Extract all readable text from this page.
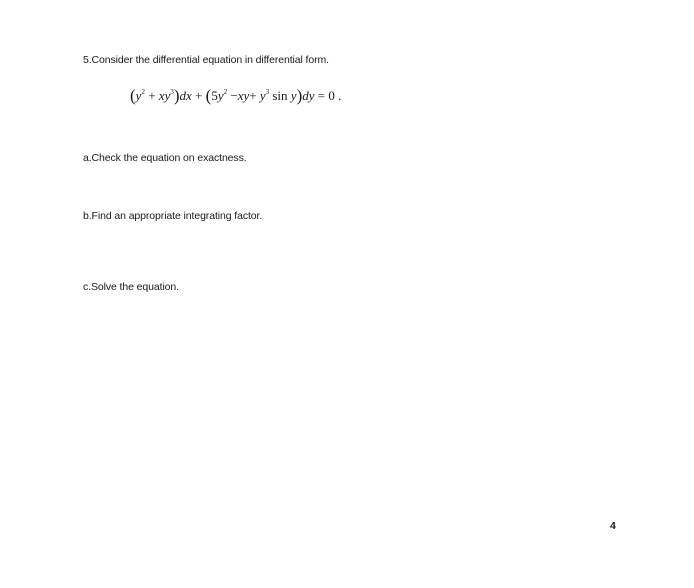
5.Consider the differential equation in differential form.
$(y^2 + xy^3)dx + (5y^2 -xy+ y^3$ sin y)dy = 0 .
a.Check the equation on exactness.
b.Find an appropriate integrating factor.
c.Solve the equation.
4
